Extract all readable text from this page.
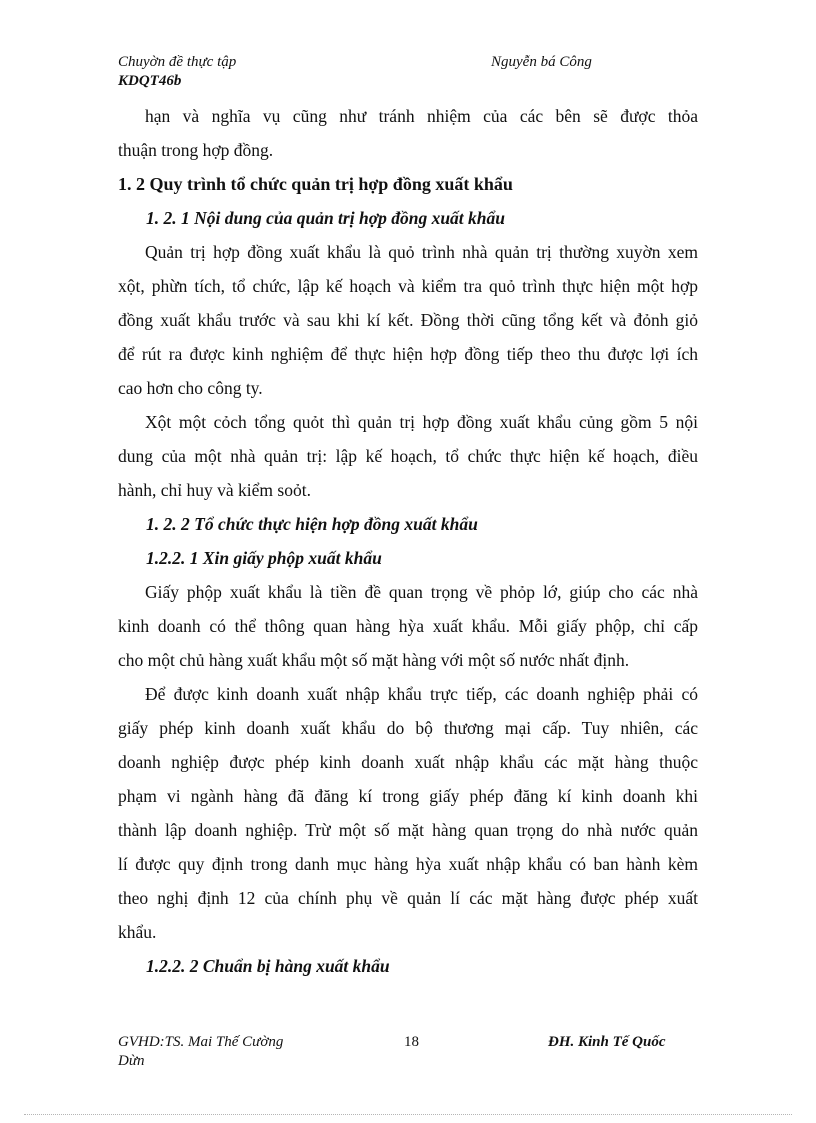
Chuyờn đề thực tập
KDQT46b
Nguyễn bá Công
hạn và nghĩa vụ cũng như tránh nhiệm của các bên sẽ được thỏa
thuận trong hợp đồng.
1. 2 Quy trình tổ chức quản trị hợp đồng xuất khẩu
1. 2. 1 Nội dung của quản trị hợp đồng xuất khẩu
Quản trị hợp đồng xuất khẩu là quỏ trình nhà quản trị thường xuyờn xem
xột, phừn tích, tổ chức, lập kế hoạch và kiểm tra quỏ trình thực hiện một hợp
đồng xuất khẩu trước và sau khi kí kết. Đồng thời cũng tổng kết và đỏnh giỏ
để rút ra được kinh nghiệm để thực hiện hợp đồng tiếp theo thu được lợi ích
cao hơn cho công ty.
Xột một cỏch tổng quỏt thì quản trị hợp đồng xuất khẩu củng gồm 5 nội
dung của một nhà quản trị: lập kế hoạch, tổ chức thực hiện kế hoạch, điều
hành, chỉ huy và kiểm soỏt.
1. 2. 2 Tổ chức thực hiện hợp đồng xuất khẩu
1.2.2. 1 Xin giấy phộp xuất khẩu
Giấy phộp xuất khẩu là tiền đề quan trọng về phỏp lớ, giúp cho các nhà
kinh doanh có thể thông quan hàng hỳa xuất khẩu. Mỗi giấy phộp, chỉ cấp
cho một chủ hàng xuất khẩu một số mặt hàng với một số nước nhất định.
Để được kinh doanh xuất nhập khẩu trực tiếp, các doanh nghiệp phải có
giấy phép kinh doanh xuất khẩu do bộ thương mại cấp. Tuy nhiên, các
doanh nghiệp được phép kinh doanh xuất nhập khẩu các mặt hàng thuộc
phạm vi ngành hàng đã đăng kí trong giấy phép đăng kí kinh doanh khi
thành lập doanh nghiệp. Trừ một số mặt hàng quan trọng do nhà nước quản
lí được quy định trong danh mục hàng hỳa xuất nhập khẩu có ban hành kèm
theo nghị định 12 của chính phụ về quản lí các mặt hàng được phép xuất
khẩu.
1.2.2. 2 Chuẩn bị hàng xuất khẩu
GVHD:TS. Mai Thế Cường
Dừn
18	ĐH. Kinh Tế Quốc
